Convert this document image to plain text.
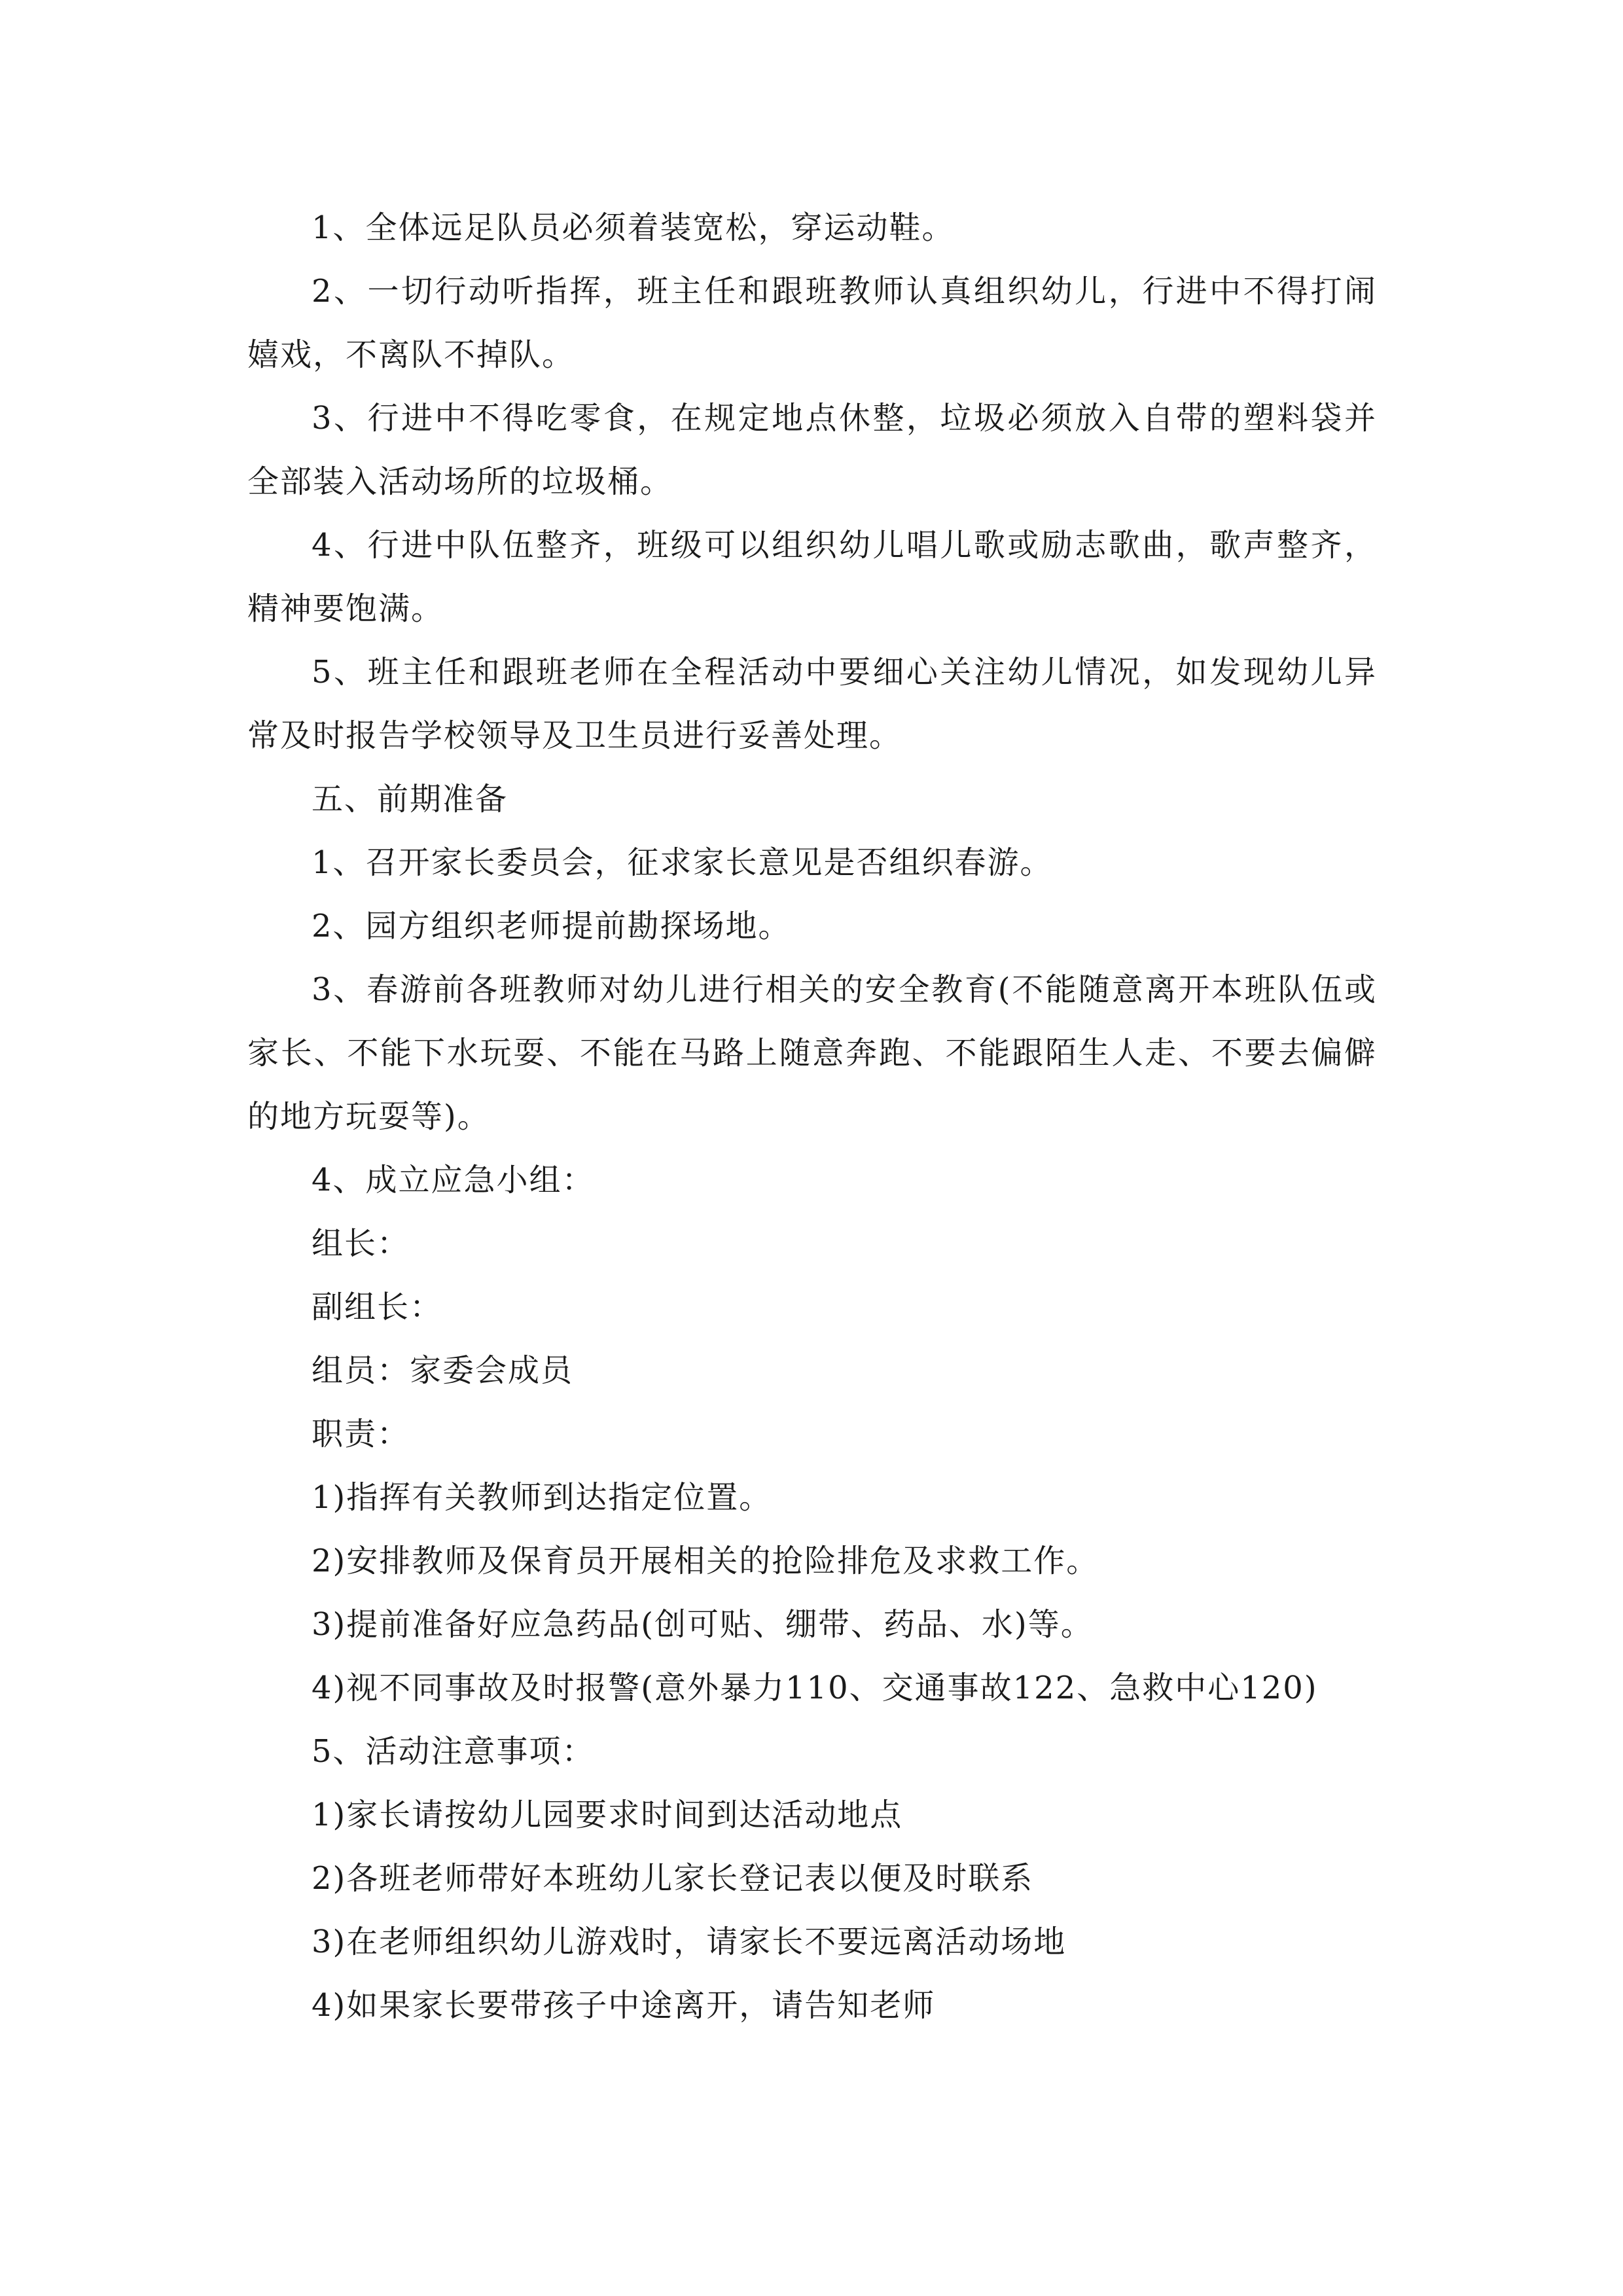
1、全体远足队员必须着装宽松，穿运动鞋。

2、一切行动听指挥，班主任和跟班教师认真组织幼儿，行进中不得打闹嬉戏，不离队不掉队。

3、行进中不得吃零食，在规定地点休整，垃圾必须放入自带的塑料袋并全部装入活动场所的垃圾桶。

4、行进中队伍整齐，班级可以组织幼儿唱儿歌或励志歌曲，歌声整齐，精神要饱满。

5、班主任和跟班老师在全程活动中要细心关注幼儿情况，如发现幼儿异常及时报告学校领导及卫生员进行妥善处理。

五、前期准备

1、召开家长委员会，征求家长意见是否组织春游。

2、园方组织老师提前勘探场地。

3、春游前各班教师对幼儿进行相关的安全教育(不能随意离开本班队伍或家长、不能下水玩耍、不能在马路上随意奔跑、不能跟陌生人走、不要去偏僻的地方玩耍等)。

4、成立应急小组：

组长：

副组长：

组员：家委会成员

职责：

1)指挥有关教师到达指定位置。

2)安排教师及保育员开展相关的抢险排危及求救工作。

3)提前准备好应急药品(创可贴、绷带、药品、水)等。

4)视不同事故及时报警(意外暴力110、交通事故122、急救中心120)

5、活动注意事项：

1)家长请按幼儿园要求时间到达活动地点

2)各班老师带好本班幼儿家长登记表以便及时联系

3)在老师组织幼儿游戏时，请家长不要远离活动场地

4)如果家长要带孩子中途离开，请告知老师
